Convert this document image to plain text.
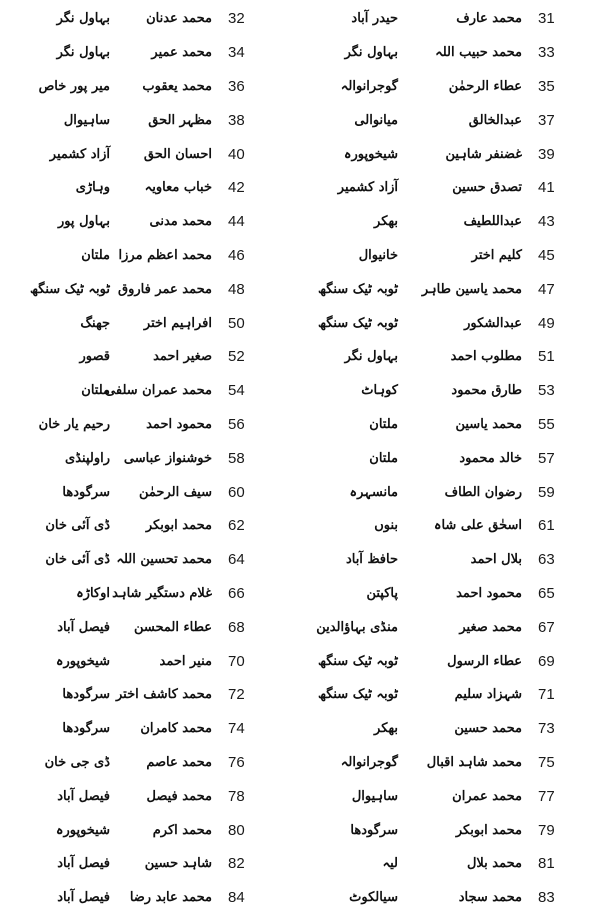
بہاول نگر	محمد عدنان	32	حیدر آباد	محمد عارف	31
بہاول نگر	محمد عمیر	34	بہاول نگر	محمد حبیب اللہ	33
میر پور خاص	محمد یعقوب	36	گوجرانوالہ	عطاء الرحمٰن	35
ساہیوال	مظہر الحق	38	میانوالی	عبدالخالق	37
آزاد کشمیر	احسان الحق	40	شیخوپورہ	غضنفر شاہین	39
وہاڑی	خباب معاویہ	42	آزاد کشمیر	تصدق حسین	41
بہاول پور	محمد مدنی	44	بھکر	عبداللطیف	43
ملتان	محمد اعظم مرزا	46	خانیوال	کلیم اختر	45
ٹوبہ ٹیک سنگھ	محمد عمر فاروق	48	ٹوبہ ٹیک سنگھ	محمد یاسین طاہر	47
جھنگ	افراہیم اختر	50	ٹوبہ ٹیک سنگھ	عبدالشکور	49
قصور	صغیر احمد	52	بہاول نگر	مطلوب احمد	51
ملتان	محمد عمران سلفی	54	کوہاٹ	طارق محمود	53
رحیم یار خان	محمود احمد	56	ملتان	محمد یاسین	55
راولپنڈی	خوشنواز عباسی	58	ملتان	خالد محمود	57
سرگودھا	سیف الرحمٰن	60	مانسہرہ	رضوان الطاف	59
ڈی آئی خان	محمد ابوبکر	62	بنوں	اسحٰق علی شاہ	61
ڈی آئی خان	محمد تحسین اللہ	64	حافظ آباد	بلال احمد	63
اوکاڑہ	غلام دستگیر شاہد	66	پاکپتن	محمود احمد	65
فیصل آباد	عطاء المحسن	68	منڈی بہاؤالدین	محمد صغیر	67
شیخوپورہ	منیر احمد	70	ٹوبہ ٹیک سنگھ	عطاء الرسول	69
سرگودھا	محمد کاشف اختر	72	ٹوبہ ٹیک سنگھ	شہزاد سلیم	71
سرگودھا	محمد کامران	74	بھکر	محمد حسین	73
ڈی جی خان	محمد عاصم	76	گوجرانوالہ	محمد شاہد اقبال	75
فیصل آباد	محمد فیصل	78	ساہیوال	محمد عمران	77
شیخوپورہ	محمد اکرم	80	سرگودھا	محمد ابوبکر	79
فیصل آباد	شاہد حسین	82	لیہ	محمد بلال	81
فیصل آباد	محمد عابد رضا	84	سیالکوٹ	محمد سجاد	83
